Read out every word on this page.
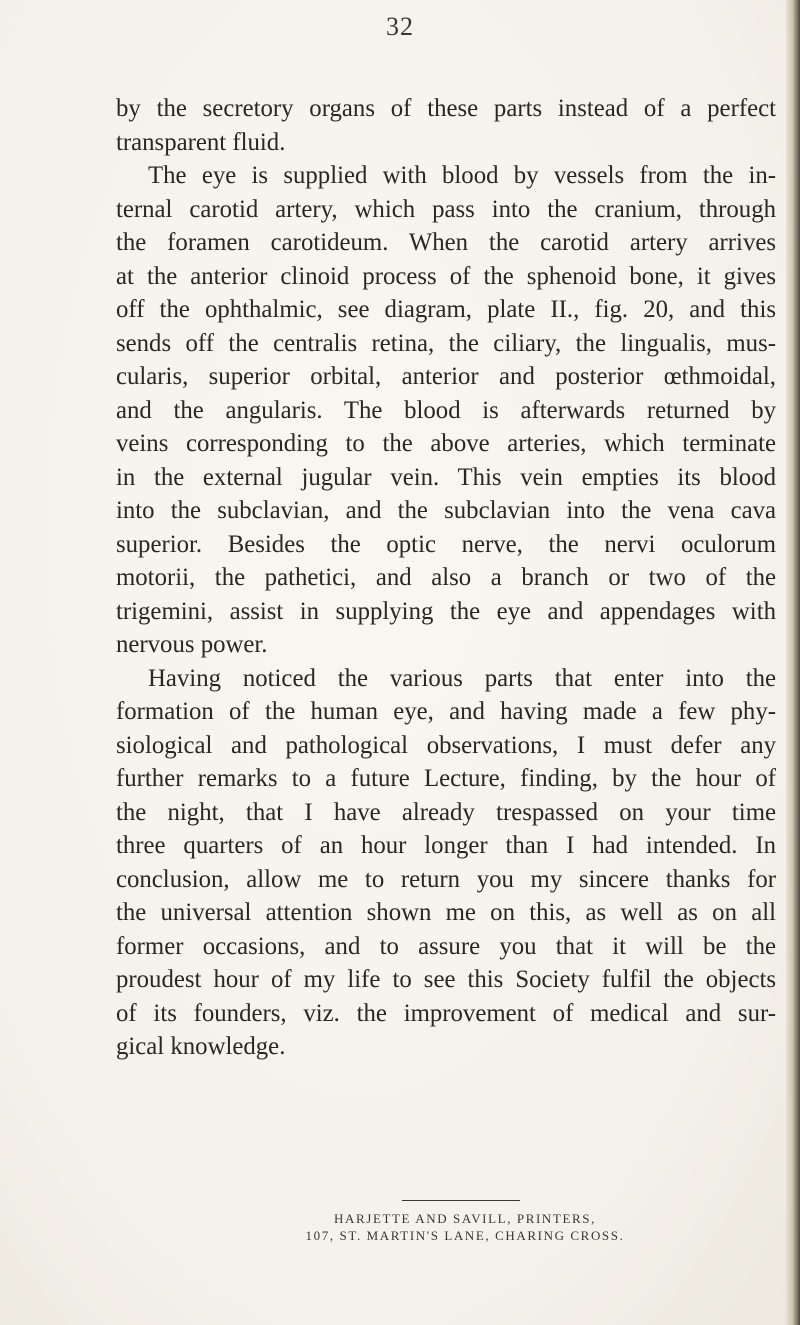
32
by the secretory organs of these parts instead of a perfect
transparent fluid.
The eye is supplied with blood by vessels from the in-
ternal carotid artery, which pass into the cranium, through
the foramen carotideum. When the carotid artery arrives
at the anterior clinoid process of the sphenoid bone, it gives
off the ophthalmic, see diagram, plate II., fig. 20, and this
sends off the centralis retina, the ciliary, the lingualis, mus-
cularis, superior orbital, anterior and posterior œthmoidal,
and the angularis. The blood is afterwards returned by
veins corresponding to the above arteries, which terminate
in the external jugular vein. This vein empties its blood
into the subclavian, and the subclavian into the vena cava
superior. Besides the optic nerve, the nervi oculorum
motorii, the pathetici, and also a branch or two of the
trigemini, assist in supplying the eye and appendages with
nervous power.
Having noticed the various parts that enter into the
formation of the human eye, and having made a few phy-
siological and pathological observations, I must defer any
further remarks to a future Lecture, finding, by the hour of
the night, that I have already trespassed on your time
three quarters of an hour longer than I had intended. In
conclusion, allow me to return you my sincere thanks for
the universal attention shown me on this, as well as on all
former occasions, and to assure you that it will be the
proudest hour of my life to see this Society fulfil the objects
of its founders, viz. the improvement of medical and sur-
gical knowledge.
HARJETTE AND SAVILL, PRINTERS,
107, ST. MARTIN'S LANE, CHARING CROSS.
